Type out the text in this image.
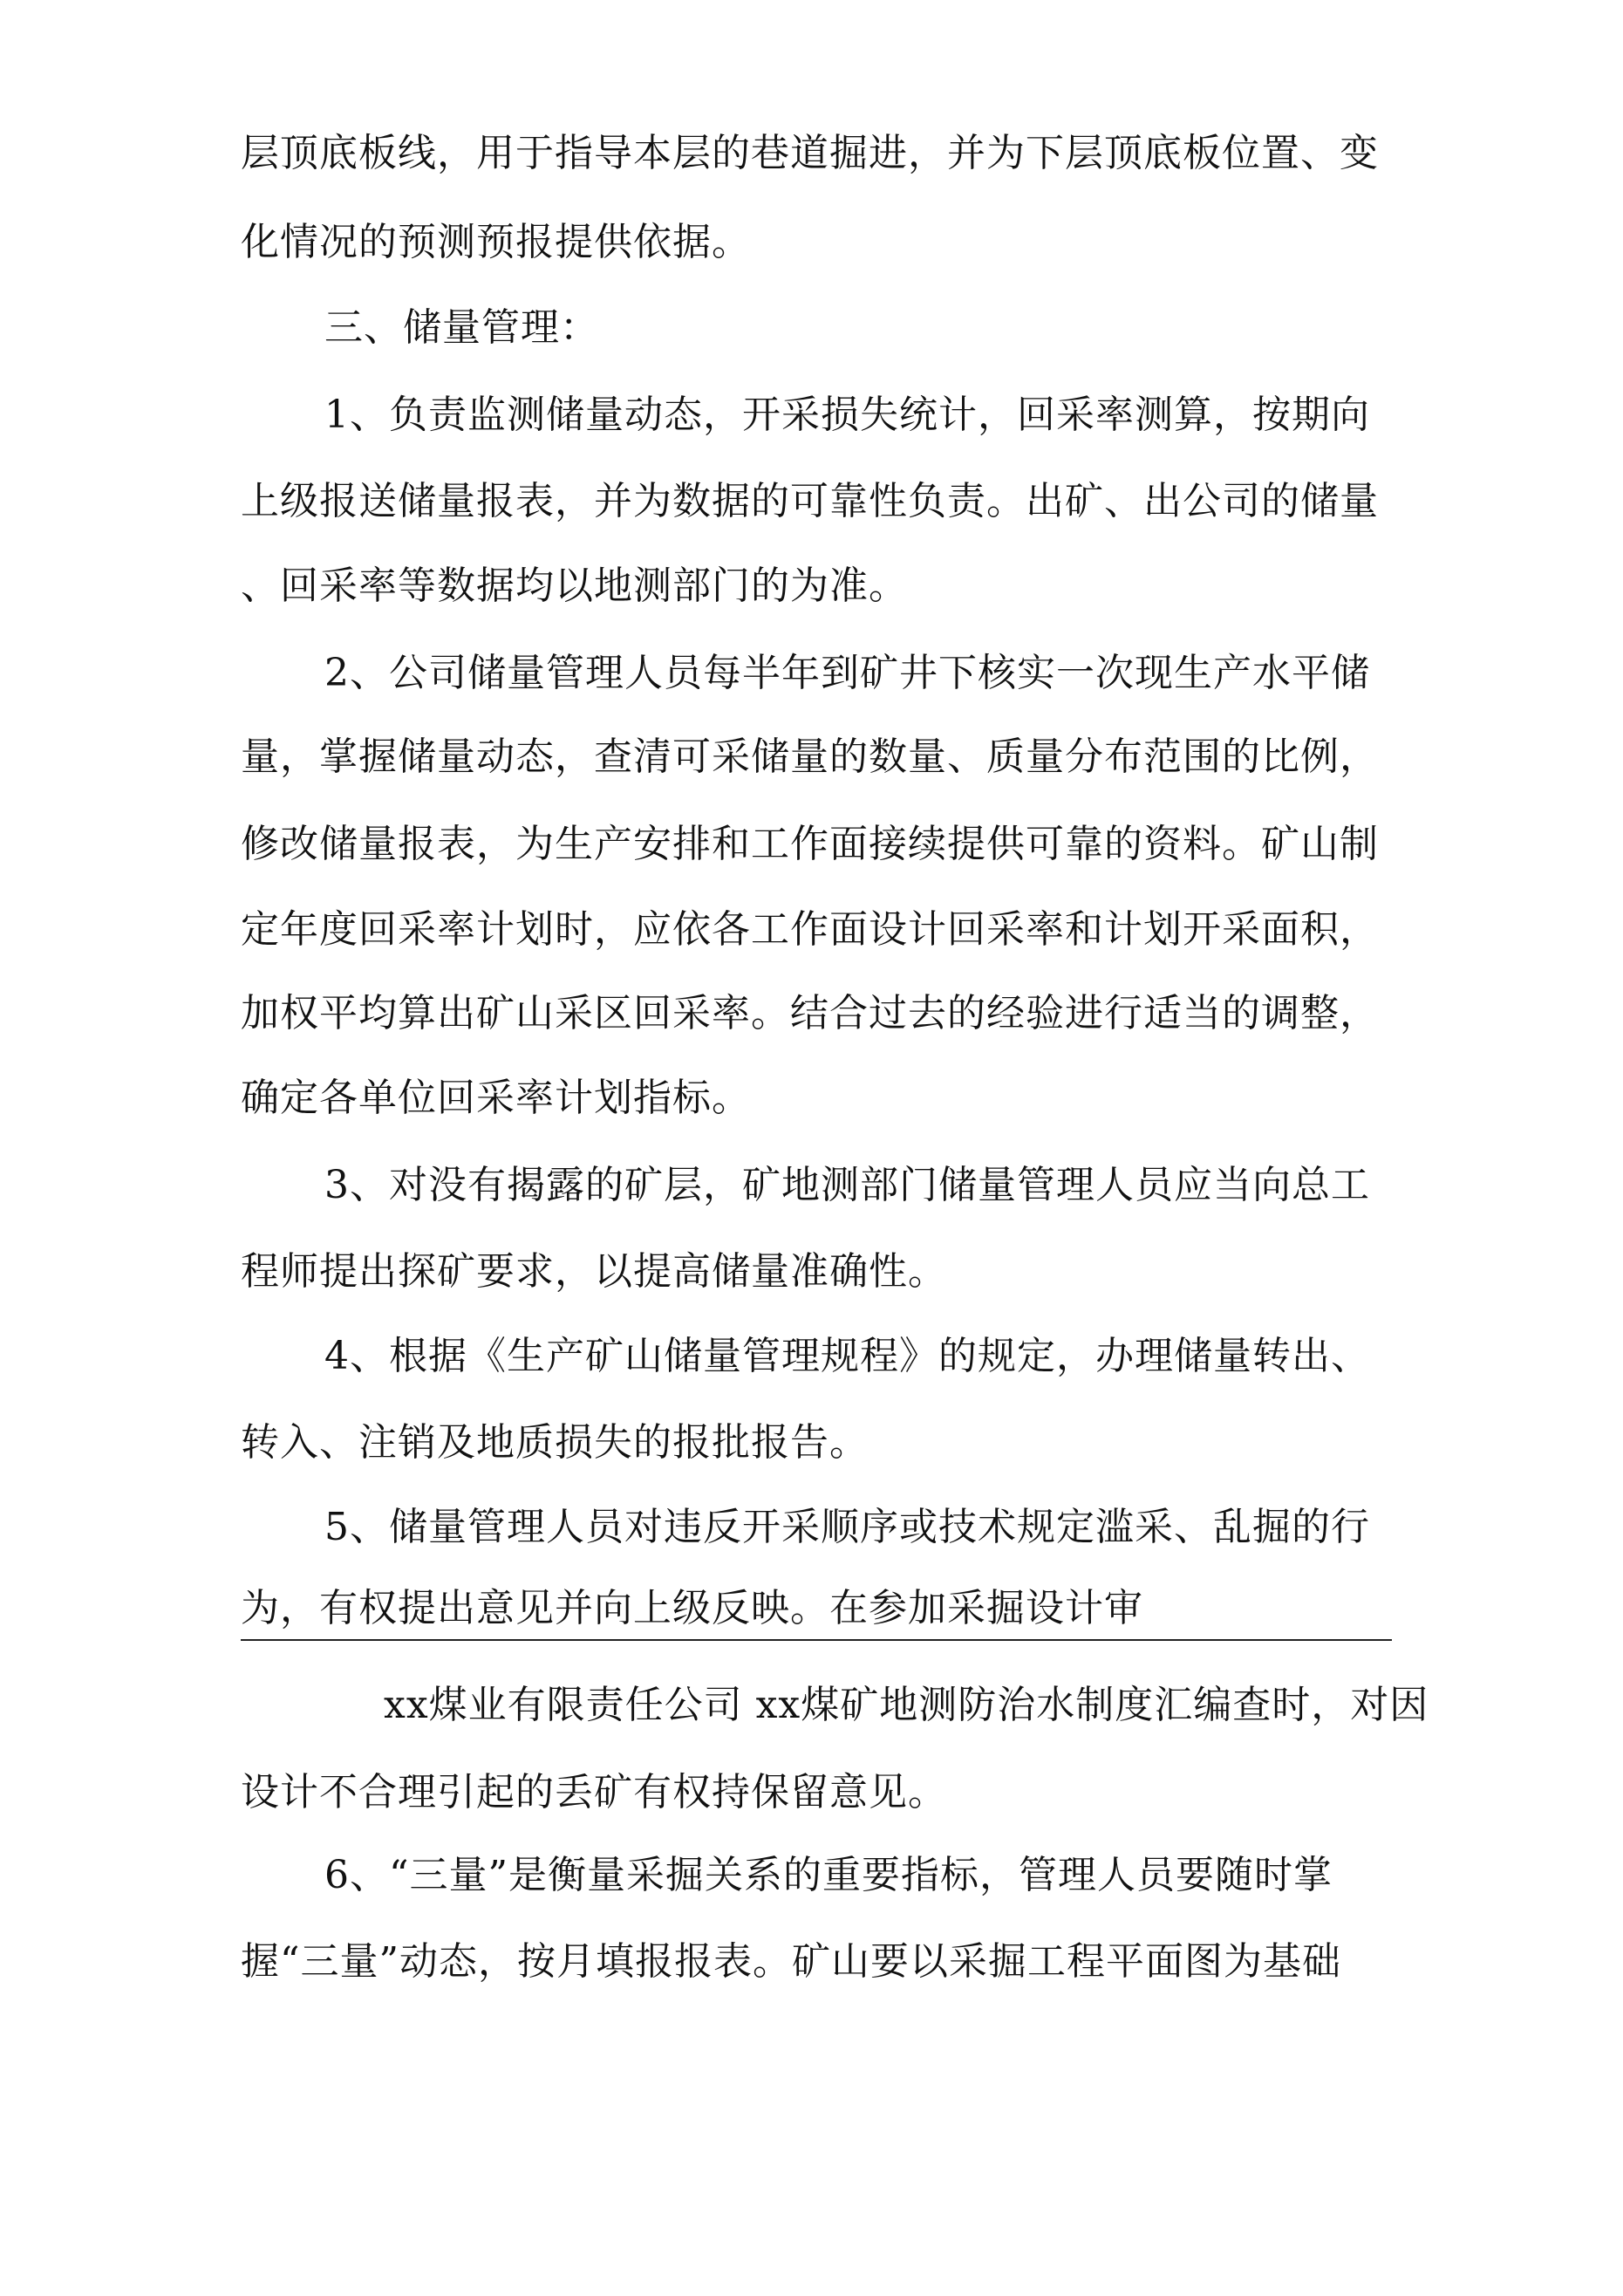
层顶底板线，用于指导本层的巷道掘进，并为下层顶底板位置、变
化情况的预测预报提供依据。
三、储量管理：
1、负责监测储量动态，开采损失统计，回采率测算，按期向
上级报送储量报表，并为数据的可靠性负责。出矿、出公司的储量
、回采率等数据均以地测部门的为准。
2、公司储量管理人员每半年到矿井下核实一次现生产水平储
量，掌握储量动态，查清可采储量的数量、质量分布范围的比例，
修改储量报表，为生产安排和工作面接续提供可靠的资料。矿山制
定年度回采率计划时，应依各工作面设计回采率和计划开采面积，
加权平均算出矿山采区回采率。结合过去的经验进行适当的调整，
确定各单位回采率计划指标。
3、对没有揭露的矿层，矿地测部门储量管理人员应当向总工
程师提出探矿要求，以提高储量准确性。
4、根据《生产矿山储量管理规程》的规定，办理储量转出、
转入、注销及地质损失的报批报告。
5、储量管理人员对违反开采顺序或技术规定滥采、乱掘的行
为，有权提出意见并向上级反映。在参加采掘设计审
xx煤业有限责任公司 xx煤矿地测防治水制度汇编查时，对因
设计不合理引起的丢矿有权持保留意见。
6、“三量”是衡量采掘关系的重要指标，管理人员要随时掌
握“三量”动态，按月填报报表。矿山要以采掘工程平面图为基础
